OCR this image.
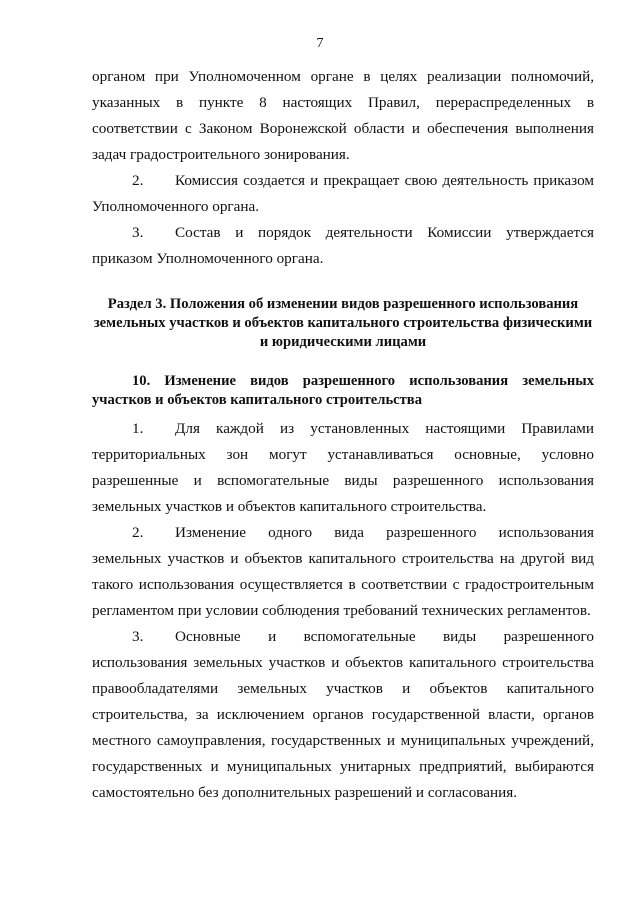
7

органом при Уполномоченном органе в целях реализации полномочий, указанных в пункте 8 настоящих Правил, перераспределенных в соответствии с Законом Воронежской области и обеспечения выполнения задач градостроительного зонирования.

2. Комиссия создается и прекращает свою деятельность приказом Уполномоченного органа.

3. Состав и порядок деятельности Комиссии утверждается приказом Уполномоченного органа.

Раздел 3. Положения об изменении видов разрешенного использования земельных участков и объектов капитального строительства физическими и юридическими лицами
10. Изменение видов разрешенного использования земельных участков и объектов капитального строительства

1. Для каждой из установленных настоящими Правилами территориальных зон могут устанавливаться основные, условно разрешенные и вспомогательные виды разрешенного использования земельных участков и объектов капитального строительства.

2. Изменение одного вида разрешенного использования земельных участков и объектов капитального строительства на другой вид такого использования осуществляется в соответствии с градостроительным регламентом при условии соблюдения требований технических регламентов.

3. Основные и вспомогательные виды разрешенного использования земельных участков и объектов капитального строительства правообладателями земельных участков и объектов капитального строительства, за исключением органов государственной власти, органов местного самоуправления, государственных и муниципальных учреждений, государственных и муниципальных унитарных предприятий, выбираются самостоятельно без дополнительных разрешений и согласования.
